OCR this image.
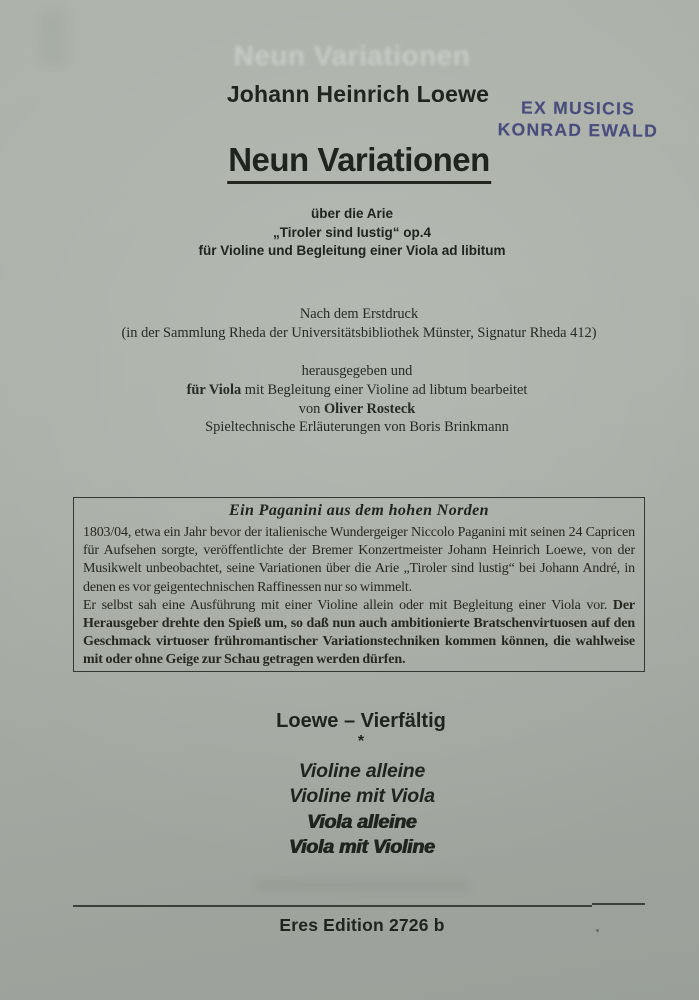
Neun Variationen
Johann Heinrich Loewe
EX MUSICIS
KONRAD EWALD
Neun Variationen
über die Arie
„Tiroler sind lustig“ op.4
für Violine und Begleitung einer Viola ad libitum
Nach dem Erstdruck
(in der Sammlung Rheda der Universitätsbibliothek Münster, Signatur Rheda 412)
herausgegeben und
für Viola mit Begleitung einer Violine ad libtum bearbeitet
von Oliver Rosteck
Spieltechnische Erläuterungen von Boris Brinkmann
Ein Paganini aus dem hohen Norden

1803/04, etwa ein Jahr bevor der italienische Wundergeiger Niccolo Paganini mit seinen 24 Capricen für Aufsehen sorgte, veröffentlichte der Bremer Konzertmeister Johann Heinrich Loewe, von der Musikwelt unbeobachtet, seine Variationen über die Arie „Tiroler sind lustig“ bei Johann André, in denen es vor geigentechnischen Raffinessen nur so wimmelt.

Er selbst sah eine Ausführung mit einer Violine allein oder mit Begleitung einer Viola vor. Der Herausgeber drehte den Spieß um, so daß nun auch ambitionierte Bratschenvirtuosen auf den Geschmack virtuoser frühromantischer Variationstechniken kommen können, die wahlweise mit oder ohne Geige zur Schau getragen werden dürfen.

Loewe – Vierfältig
*
Violine alleine
Violine mit Viola
Viola alleine
Viola mit Violine
Eres Edition 2726 b
